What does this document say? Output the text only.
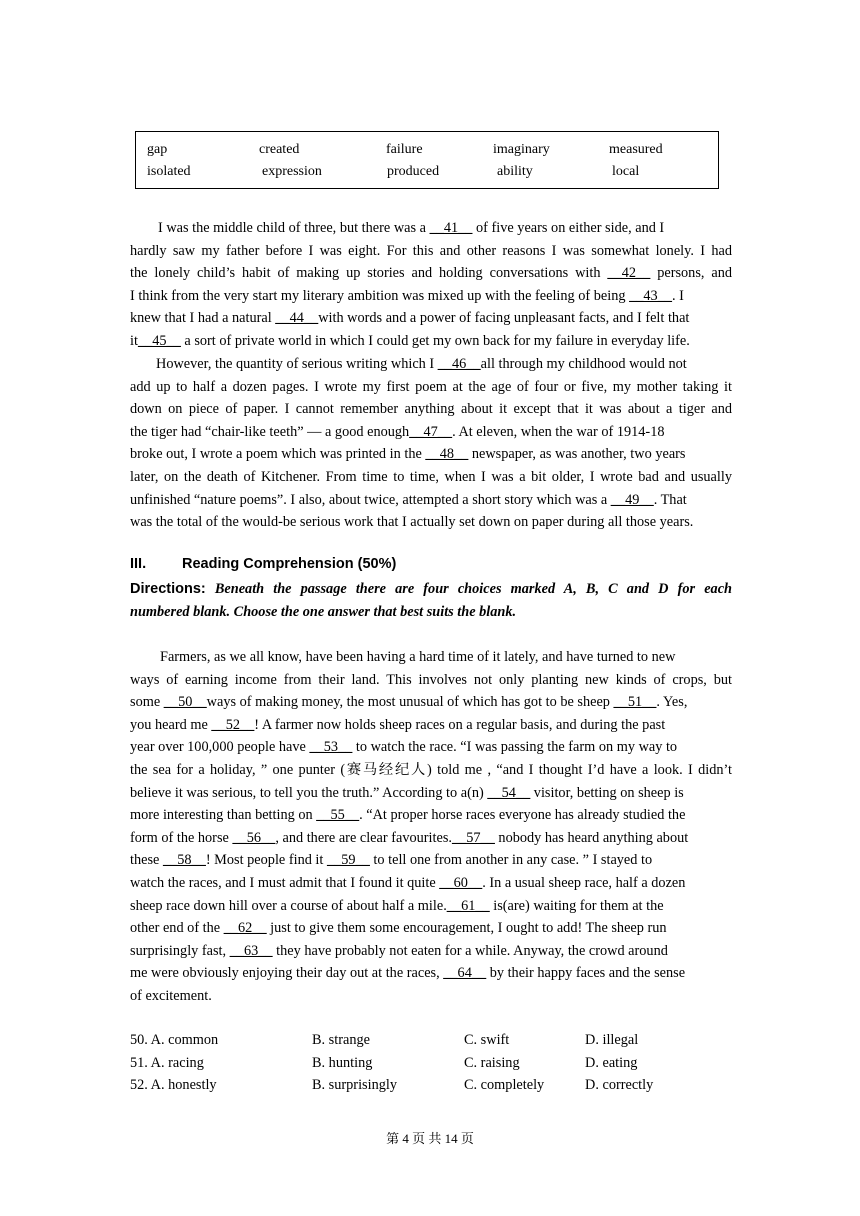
gap	created	failure	imaginary	measured
isolated	expression	produced	ability	local
I was the middle child of three, but there was a __41__ of five years on either side, and I
hardly saw my father before I was eight. For this and other reasons I was somewhat lonely. I had
the lonely child’s habit of making up stories and holding conversations with __42__ persons, and
I think from the very start my literary ambition was mixed up with the feeling of being __43__. I
knew that I had a natural __44__with words and a power of facing unpleasant facts, and I felt that
it__45__ a sort of private world in which I could get my own back for my failure in everyday life.
However, the quantity of serious writing which I __46__all through my childhood would not
add up to half a dozen pages. I wrote my first poem at the age of four or five, my mother taking it
down on piece of paper. I cannot remember anything about it except that it was about a tiger and
the tiger had “chair-like teeth” — a good enough__47__. At eleven, when the war of 1914-18
broke out, I wrote a poem which was printed in the __48__ newspaper, as was another, two years
later, on the death of Kitchener. From time to time, when I was a bit older, I wrote bad and usually
unfinished “nature poems”. I also, about twice, attempted a short story which was a __49__. That
was the total of the would-be serious work that I actually set down on paper during all those years.
III. Reading Comprehension (50%)
Directions: Beneath the passage there are four choices marked A, B, C and D for each
numbered blank. Choose the one answer that best suits the blank.
Farmers, as we all know, have been having a hard time of it lately, and have turned to new
ways of earning income from their land. This involves not only planting new kinds of crops, but
some __50__ways of making money, the most unusual of which has got to be sheep __51__. Yes,
you heard me __52__! A farmer now holds sheep races on a regular basis, and during the past
year over 100,000 people have __53__ to watch the race. “I was passing the farm on my way to
the sea for a holiday, ” one punter (赛马经纪人) told me , “and I thought I’d have a look. I didn’t
believe it was serious, to tell you the truth.” According to a(n) __54__ visitor, betting on sheep is
more interesting than betting on __55__. “At proper horse races everyone has already studied the
form of the horse __56__, and there are clear favourites.__57__ nobody has heard anything about
these __58__! Most people find it __59__ to tell one from another in any case. ” I stayed to
watch the races, and I must admit that I found it quite __60__. In a usual sheep race, half a dozen
sheep race down hill over a course of about half a mile.__61__ is(are) waiting for them at the
other end of the __62__ just to give them some encouragement, I ought to add! The sheep run
surprisingly fast, __63__ they have probably not eaten for a while. Anyway, the crowd around
me were obviously enjoying their day out at the races, __64__ by their happy faces and the sense
of excitement.
50. A. common	B. strange	C. swift	D. illegal
51. A. racing	B. hunting	C. raising	D. eating
52. A. honestly	B. surprisingly	C. completely	D. correctly
第 4 页 共 14 页
